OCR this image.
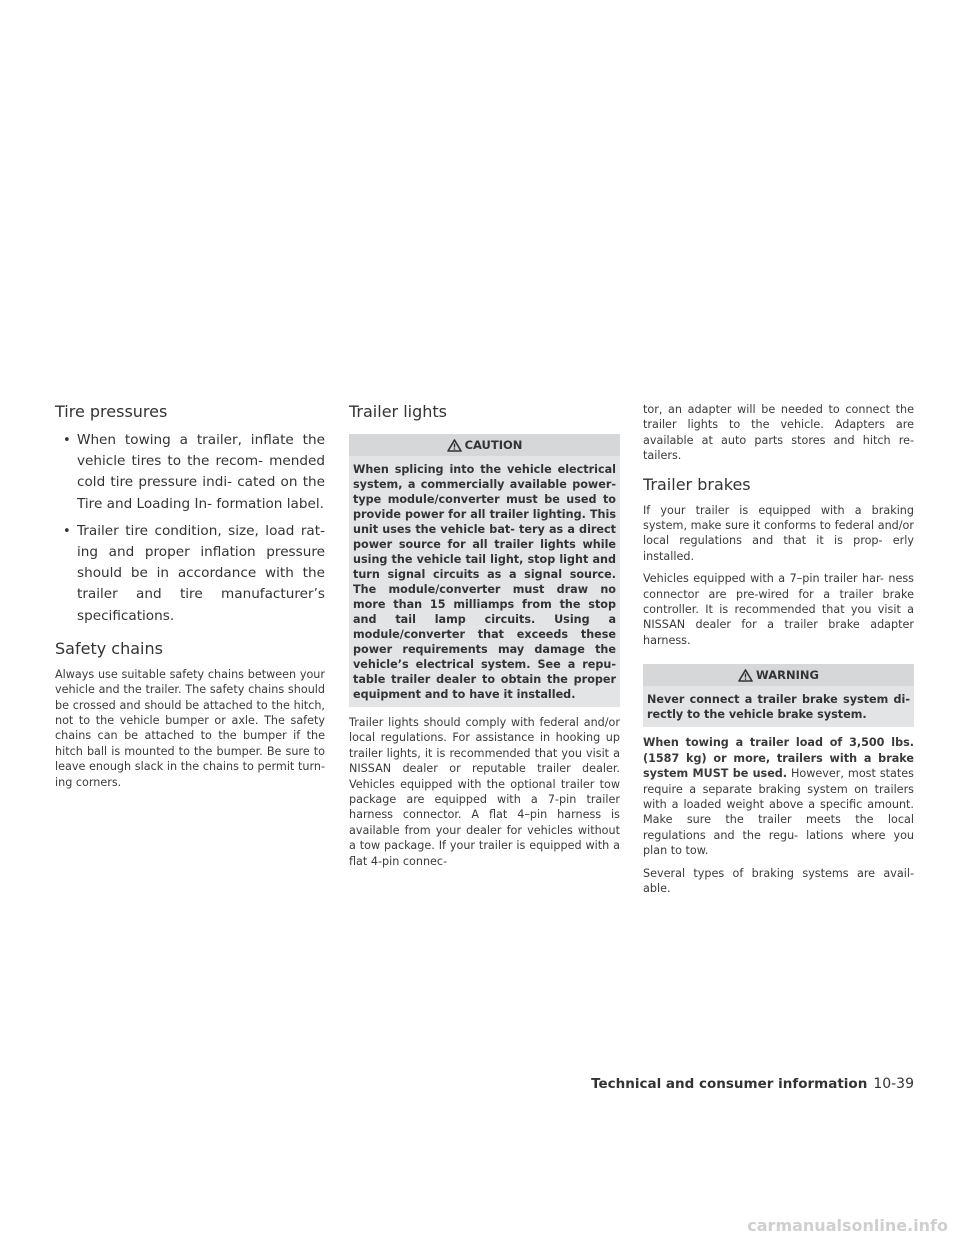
Tire pressures
• When towing a trailer, inflate the vehicle tires to the recom- mended cold tire pressure indi- cated on the Tire and Loading In- formation label.
• Trailer tire condition, size, load rat- ing and proper inflation pressure should be in accordance with the trailer and tire manufacturer’s specifications.
Safety chains

Always use suitable safety chains between your vehicle and the trailer. The safety chains should be crossed and should be attached to the hitch, not to the vehicle bumper or axle. The safety chains can be attached to the bumper if the hitch ball is mounted to the bumper. Be sure to leave enough slack in the chains to permit turn- ing corners.

Trailer lights
CAUTION
When splicing into the vehicle electrical system, a commercially available power-type module/converter must be used to provide power for all trailer lighting. This unit uses the vehicle bat- tery as a direct power source for all trailer lights while using the vehicle tail light, stop light and turn signal circuits as a signal source. The module/converter must draw no more than 15 milliamps from the stop and tail lamp circuits. Using a module/converter that exceeds these power requirements may damage the vehicle’s electrical system. See a repu- table trailer dealer to obtain the proper equipment and to have it installed.

Trailer lights should comply with federal and/or local regulations. For assistance in hooking up trailer lights, it is recommended that you visit a NISSAN dealer or reputable trailer dealer. Vehicles equipped with the optional trailer tow package are equipped with a 7-pin trailer harness connector. A flat 4–pin harness is available from your dealer for vehicles without a tow package. If your trailer is equipped with a flat 4-pin connec-

tor, an adapter will be needed to connect the trailer lights to the vehicle. Adapters are available at auto parts stores and hitch re- tailers.

Trailer brakes

If your trailer is equipped with a braking system, make sure it conforms to federal and/or local regulations and that it is prop- erly installed.

Vehicles equipped with a 7–pin trailer har- ness connector are pre-wired for a trailer brake controller. It is recommended that you visit a NISSAN dealer for a trailer brake adapter harness.

WARNING
Never connect a trailer brake system di- rectly to the vehicle brake system.

When towing a trailer load of 3,500 lbs. (1587 kg) or more, trailers with a brake system MUST be used. However, most states require a separate braking system on trailers with a loaded weight above a specific amount. Make sure the trailer meets the local regulations and the regu- lations where you plan to tow.

Several types of braking systems are avail- able.

Technical and consumer information 10-39
carmanualsonline.info
